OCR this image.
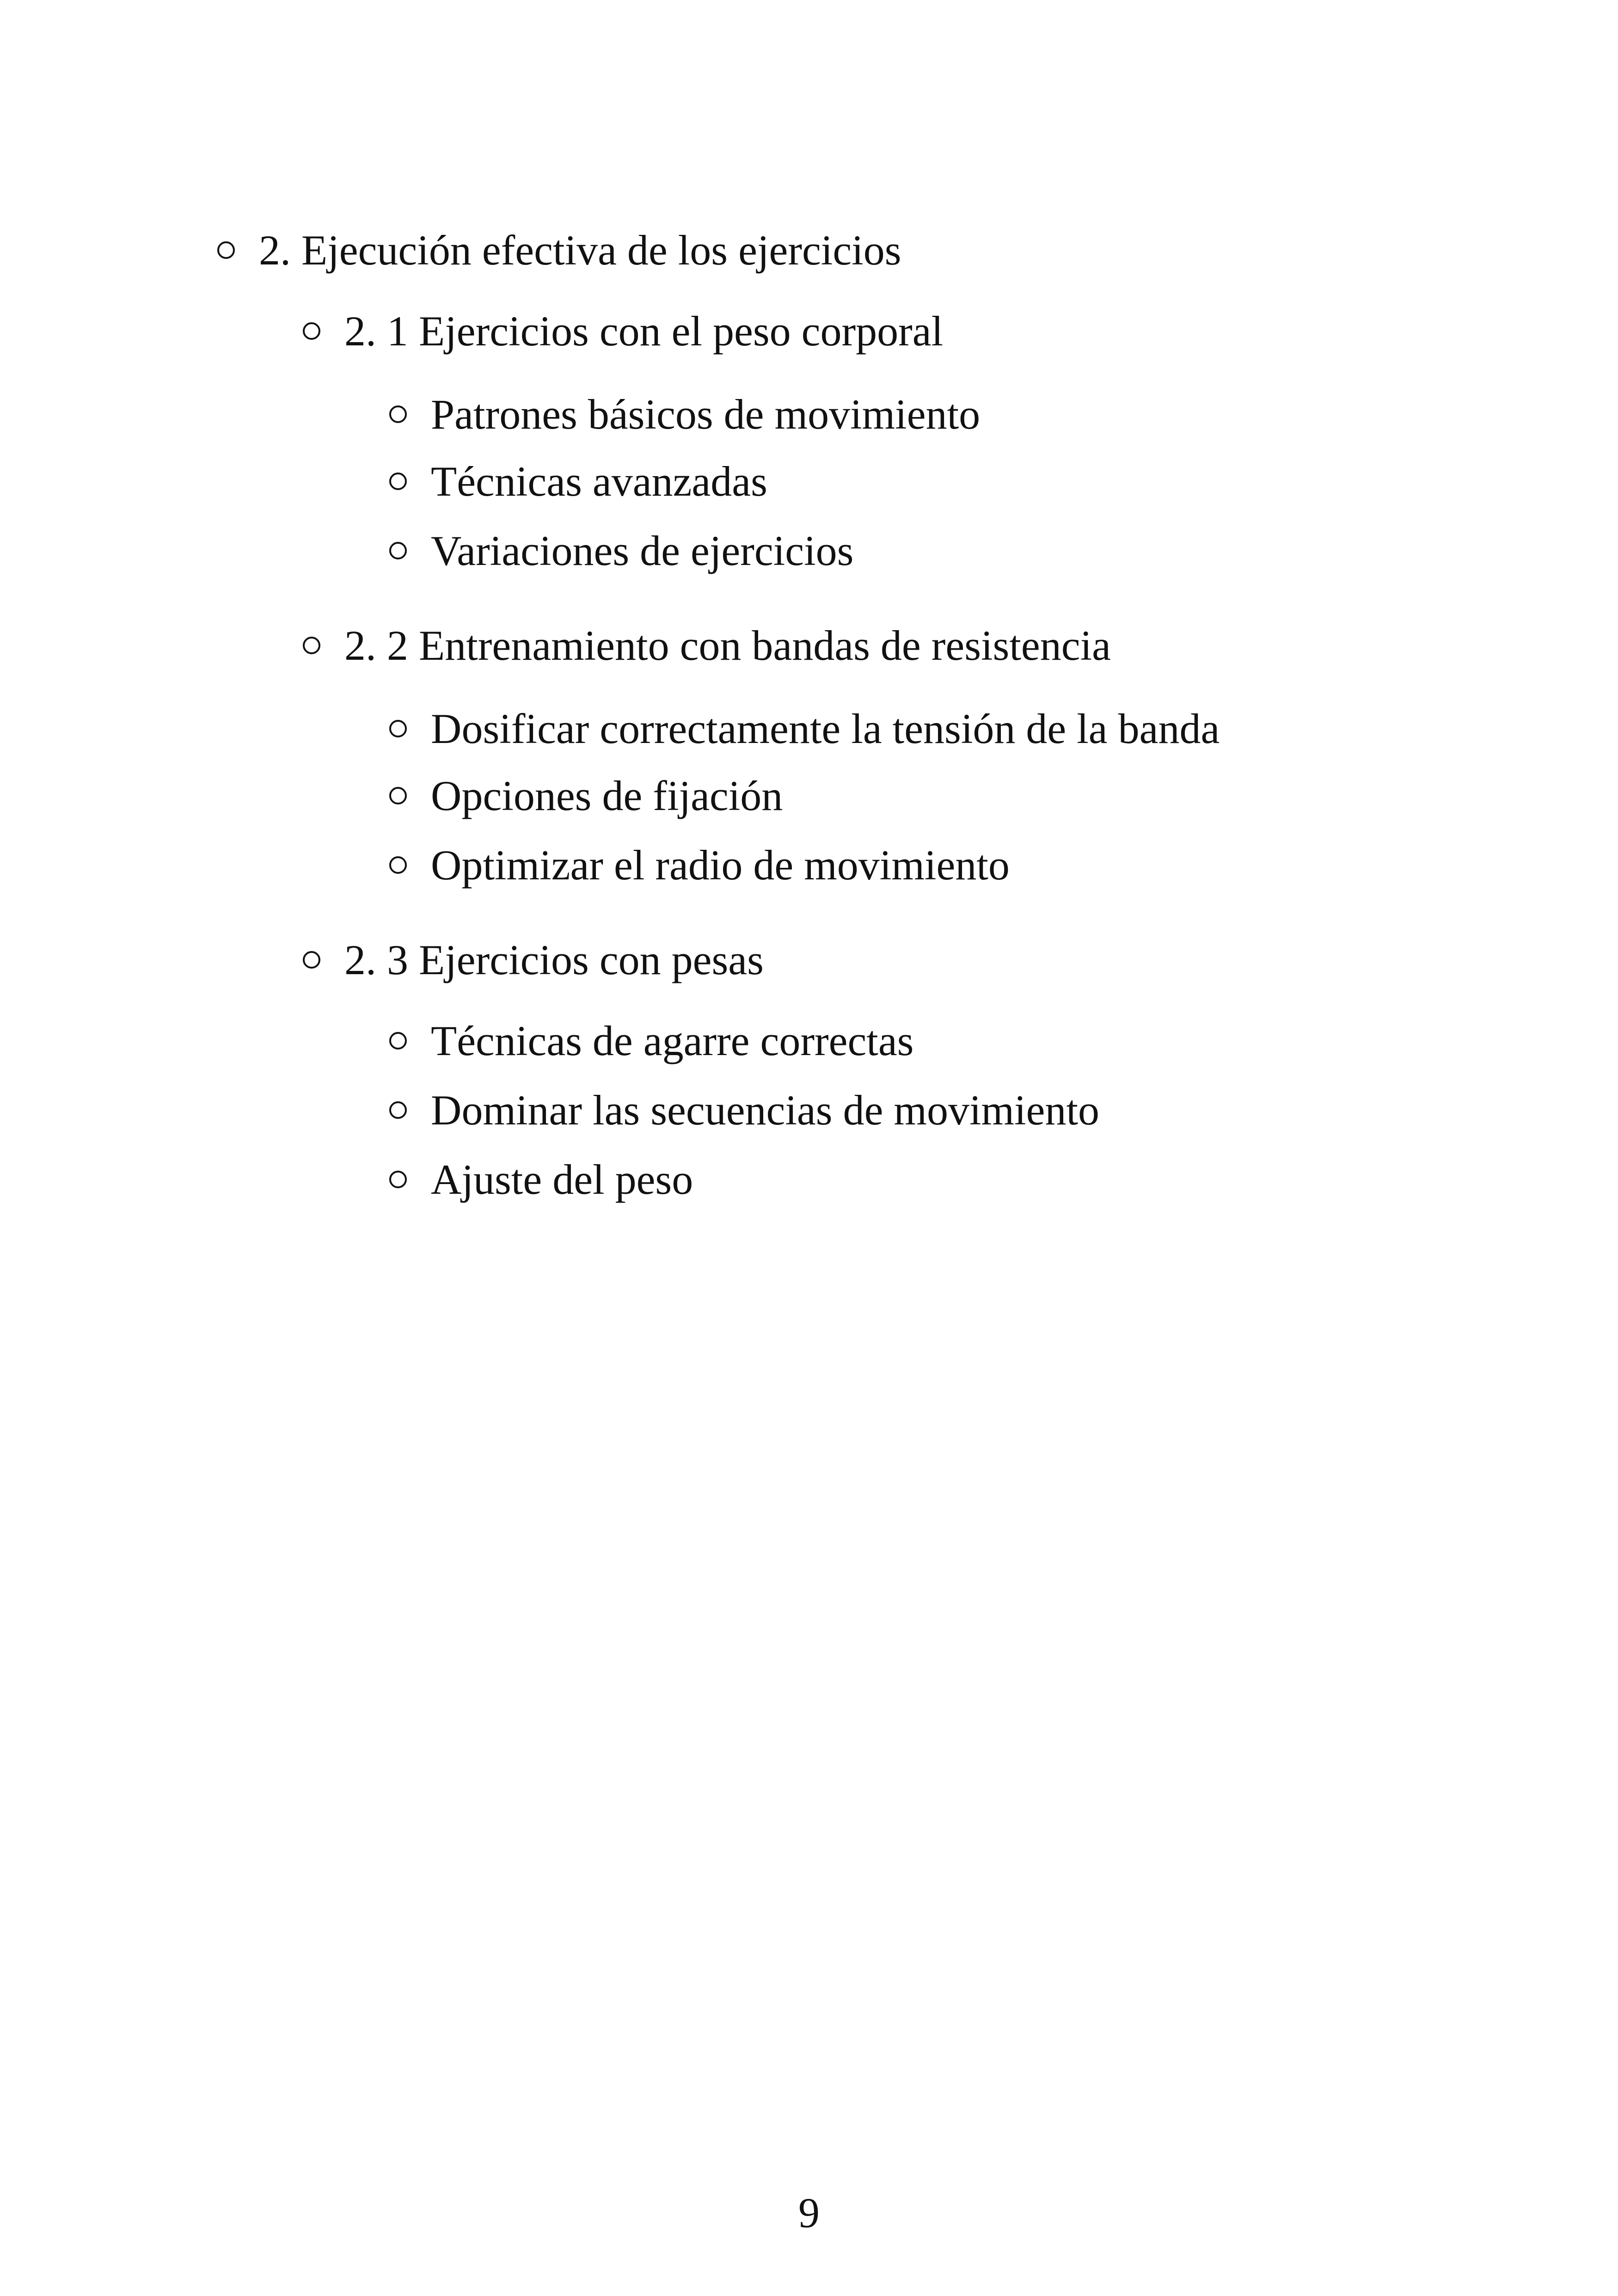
2. Ejecución efectiva de los ejercicios
2. 1 Ejercicios con el peso corporal
Patrones básicos de movimiento
Técnicas avanzadas
Variaciones de ejercicios
2. 2 Entrenamiento con bandas de resistencia
Dosificar correctamente la tensión de la banda
Opciones de fijación
Optimizar el radio de movimiento
2. 3 Ejercicios con pesas
Técnicas de agarre correctas
Dominar las secuencias de movimiento
Ajuste del peso
9
